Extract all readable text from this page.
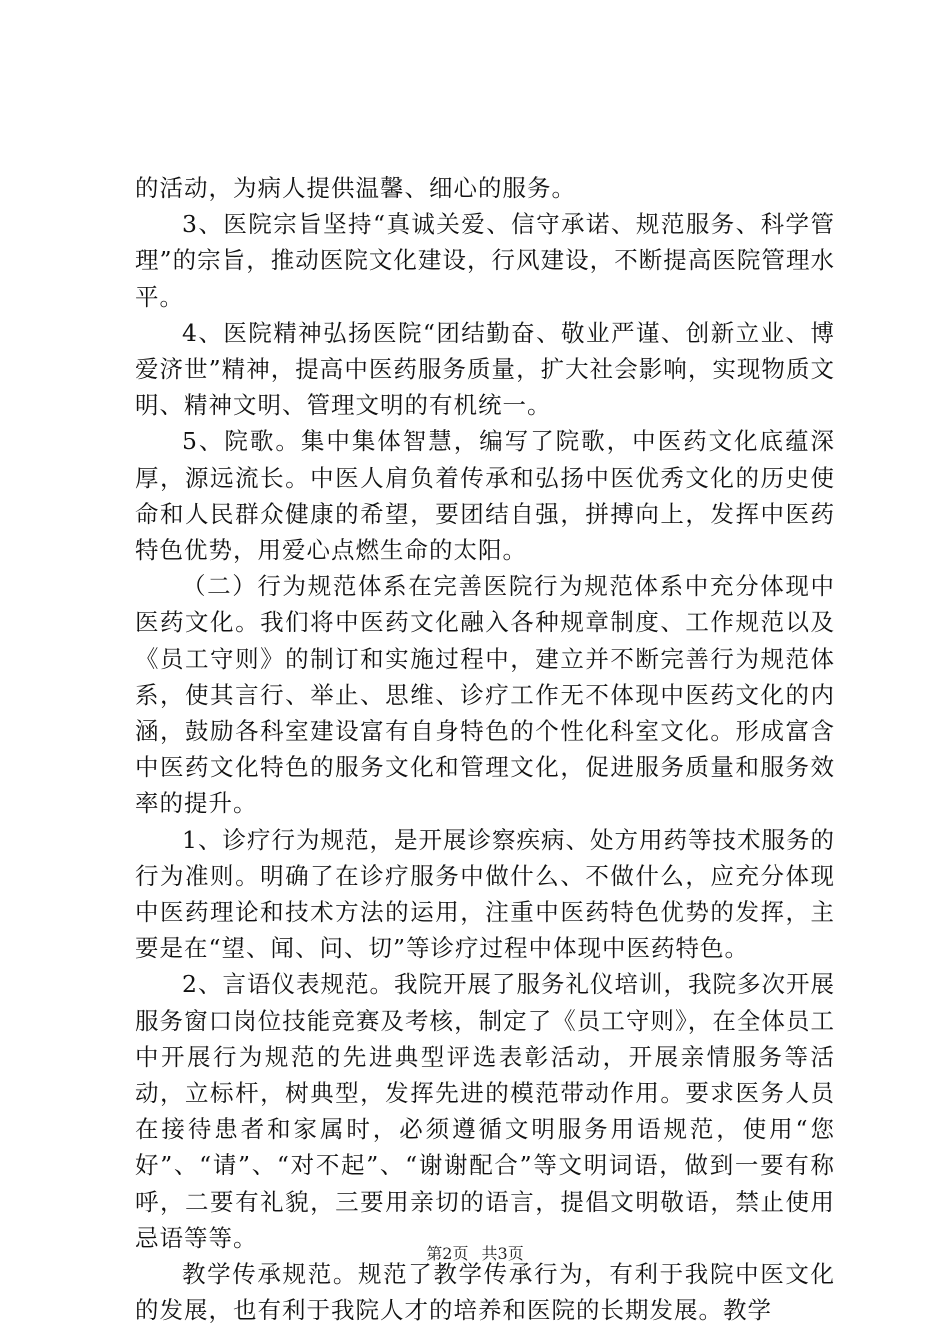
的活动，为病人提供温馨、细心的服务。

3、医院宗旨坚持“真诚关爱、信守承诺、规范服务、科学管理”的宗旨，推动医院文化建设，行风建设，不断提高医院管理水平。

4、医院精神弘扬医院“团结勤奋、敬业严谨、创新立业、博爱济世”精神，提高中医药服务质量，扩大社会影响，实现物质文明、精神文明、管理文明的有机统一。

5、院歌。集中集体智慧，编写了院歌，中医药文化底蕴深厚，源远流长。中医人肩负着传承和弘扬中医优秀文化的历史使命和人民群众健康的希望，要团结自强，拼搏向上，发挥中医药特色优势，用爱心点燃生命的太阳。

（二）行为规范体系在完善医院行为规范体系中充分体现中医药文化。我们将中医药文化融入各种规章制度、工作规范以及《员工守则》的制订和实施过程中，建立并不断完善行为规范体系，使其言行、举止、思维、诊疗工作无不体现中医药文化的内涵，鼓励各科室建设富有自身特色的个性化科室文化。形成富含中医药文化特色的服务文化和管理文化，促进服务质量和服务效率的提升。

1、诊疗行为规范，是开展诊察疾病、处方用药等技术服务的行为准则。明确了在诊疗服务中做什么、不做什么，应充分体现中医药理论和技术方法的运用，注重中医药特色优势的发挥，主要是在“望、闻、问、切”等诊疗过程中体现中医药特色。

2、言语仪表规范。我院开展了服务礼仪培训，我院多次开展服务窗口岗位技能竞赛及考核，制定了《员工守则》，在全体员工中开展行为规范的先进典型评选表彰活动，开展亲情服务等活动，立标杆，树典型，发挥先进的模范带动作用。要求医务人员在接待患者和家属时，必须遵循文明服务用语规范，使用“您好”、“请”、“对不起”、“谢谢配合”等文明词语，做到一要有称呼，二要有礼貌，三要用亲切的语言，提倡文明敬语，禁止使用忌语等等。

教学传承规范。规范了教学传承行为，有利于我院中医文化的发展，也有利于我院人才的培养和医院的长期发展。教学

第2页 共3页
